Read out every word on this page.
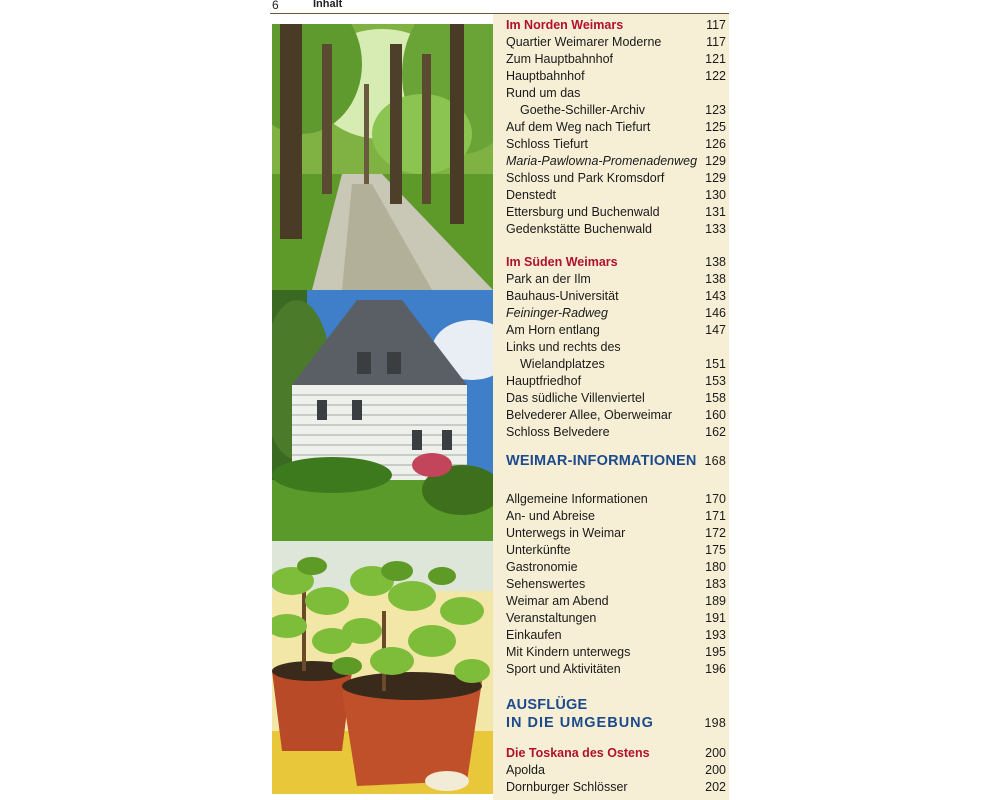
6	Inhalt
Im Norden Weimars	117
Quartier Weimarer Moderne	117
Zum Hauptbahnhof	121
Hauptbahnhof	122
Rund um das
Goethe-Schiller-Archiv	123
Auf dem Weg nach Tiefurt	125
Schloss Tiefurt	126
Maria-Pawlowna-Promenadenweg 129
Schloss und Park Kromsdorf	129
Denstedt	130
Ettersburg und Buchenwald	131
Gedenkstätte Buchenwald	133
Im Süden Weimars	138
Park an der Ilm	138
Bauhaus-Universität	143
Feininger-Radweg	146
Am Horn entlang	147
Links und rechts des
Wielandplatzes	151
Hauptfriedhof	153
Das südliche Villenviertel	158
Belvederer Allee, Oberweimar	160
Schloss Belvedere	162
WEIMAR-INFORMATIONEN 168
Allgemeine Informationen	170
An- und Abreise	171
Unterwegs in Weimar	172
Unterkünfte	175
Gastronomie	180
Sehenswertes	183
Weimar am Abend	189
Veranstaltungen	191
Einkaufen	193
Mit Kindern unterwegs	195
Sport und Aktivitäten	196
AUSFLÜGE
IN DIE UMGEBUNG	198
Die Toskana des Ostens	200
Apolda	200
Dornburger Schlösser	202
